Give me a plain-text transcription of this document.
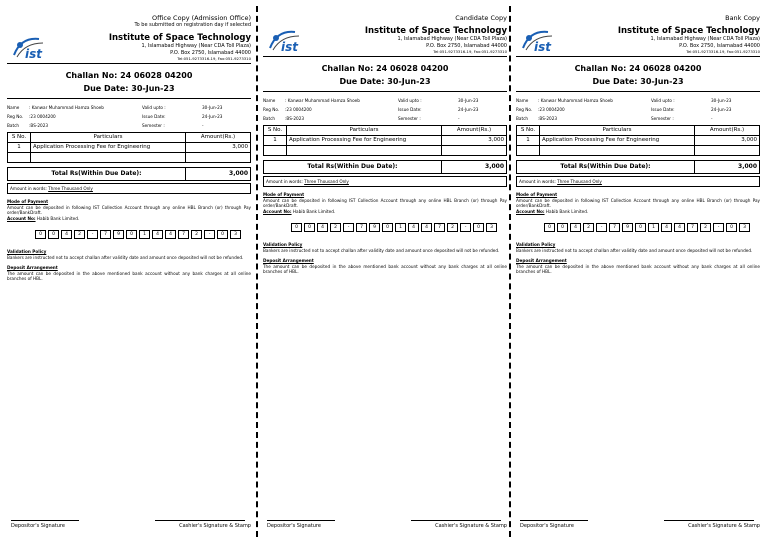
Office Copy (Admission Office)
To be submitted on registration day if selected
ist
Institute of Space Technology
1, Islamabad Highway (Near CDA Toll Plaza)
P.O. Box 2750, Islamabad 44000
Tel:051-9273316-19, Fax:051-9273310
Challan No: 24 06028 04200
Due Date: 30-Jun-23
Name : Kanwar Muhammad Hamza Shoeb	Valid upto :	30-Jun-23
Reg No. :23 0004200	Issue Date:	24-Jun-23
Batch :BS-2023	Semester :	-
S No.	Particulars	Amount(Rs.)
1	Application Processing Fee for Engineering	3,000

Total Rs(Within Due Date):	3,000
Amount in words: Three Thousand Only
Mode of Payment
Amount can be deposited in following IST Collection Account through any online HBL Branch (or) through Pay order/BankDraft.
Account No: Habib Bank Limited.
0	0	4	2	-	7	9	0	1	4	4	7	2	-	0	3
Validation Policy
Bankers are instructed not to accept challan after validity date and amount once deposited will not be refunded.
Deposit Arrangement
The amount can be deposited in the above mentioned bank account without any bank charges at all online branches of HBL.
Depositor's Signature	Cashier's Signature & Stamp
Candidate Copy
ist
Institute of Space Technology
1, Islamabad Highway (Near CDA Toll Plaza)
P.O. Box 2750, Islamabad 44000
Tel:051-9273316-19, Fax:051-9273310
Challan No: 24 06028 04200
Due Date: 30-Jun-23
Name : Kanwar Muhammad Hamza Shoeb	Valid upto :	30-Jun-23
Reg No. :23 0004200	Issue Date:	24-Jun-23
Batch :BS-2023	Semester :	-
S No.	Particulars	Amount(Rs.)
1	Application Processing Fee for Engineering	3,000

Total Rs(Within Due Date):	3,000
Amount in words: Three Thousand Only
Mode of Payment
Amount can be deposited in following IST Collection Account through any online HBL Branch (or) through Pay order/BankDraft.
Account No: Habib Bank Limited.
0	0	4	2	-	7	9	0	1	4	4	7	2	-	0	3
Validation Policy
Bankers are instructed not to accept challan after validity date and amount once deposited will not be refunded.
Deposit Arrangement
The amount can be deposited in the above mentioned bank account without any bank charges at all online branches of HBL.
Depositor's Signature	Cashier's Signature & Stamp
Bank Copy
ist
Institute of Space Technology
1, Islamabad Highway (Near CDA Toll Plaza)
P.O. Box 2750, Islamabad 44000
Tel:051-9273316-19, Fax:051-9273310
Challan No: 24 06028 04200
Due Date: 30-Jun-23
Name : Kanwar Muhammad Hamza Shoeb	Valid upto :	30-Jun-23
Reg No. :23 0004200	Issue Date:	24-Jun-23
Batch :BS-2023	Semester :	-
S No.	Particulars	Amount(Rs.)
1	Application Processing Fee for Engineering	3,000

Total Rs(Within Due Date):	3,000
Amount in words: Three Thousand Only
Mode of Payment
Amount can be deposited in following IST Collection Account through any online HBL Branch (or) through Pay order/BankDraft.
Account No: Habib Bank Limited.
0	0	4	2	-	7	9	0	1	4	4	7	2	-	0	3
Validation Policy
Bankers are instructed not to accept challan after validity date and amount once deposited will not be refunded.
Deposit Arrangement
The amount can be deposited in the above mentioned bank account without any bank charges at all online branches of HBL.
Depositor's Signature	Cashier's Signature & Stamp
